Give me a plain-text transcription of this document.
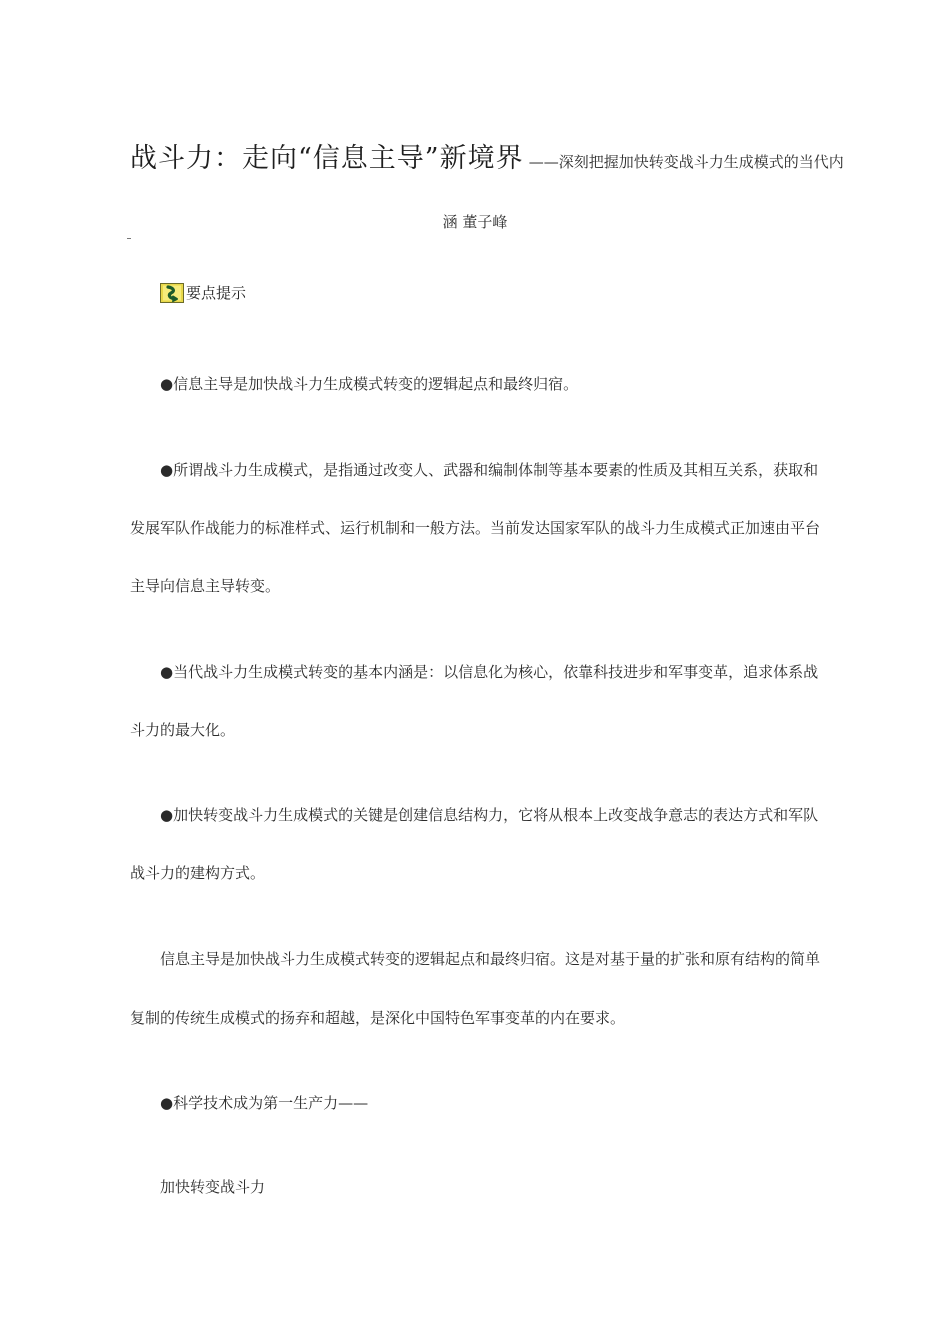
战斗力：走向“信息主导”新境界 ——深刻把握加快转变战斗力生成模式的当代内
涵 董子峰
要点提示
●信息主导是加快战斗力生成模式转变的逻辑起点和最终归宿。
●所谓战斗力生成模式，是指通过改变人、武器和编制体制等基本要素的性质及其相互关系，获取和
发展军队作战能力的标准样式、运行机制和一般方法。当前发达国家军队的战斗力生成模式正加速由平台
主导向信息主导转变。
●当代战斗力生成模式转变的基本内涵是：以信息化为核心，依靠科技进步和军事变革，追求体系战
斗力的最大化。
●加快转变战斗力生成模式的关键是创建信息结构力，它将从根本上改变战争意志的表达方式和军队
战斗力的建构方式。
信息主导是加快战斗力生成模式转变的逻辑起点和最终归宿。这是对基于量的扩张和原有结构的简单
复制的传统生成模式的扬弃和超越，是深化中国特色军事变革的内在要求。
●科学技术成为第一生产力——
加快转变战斗力
